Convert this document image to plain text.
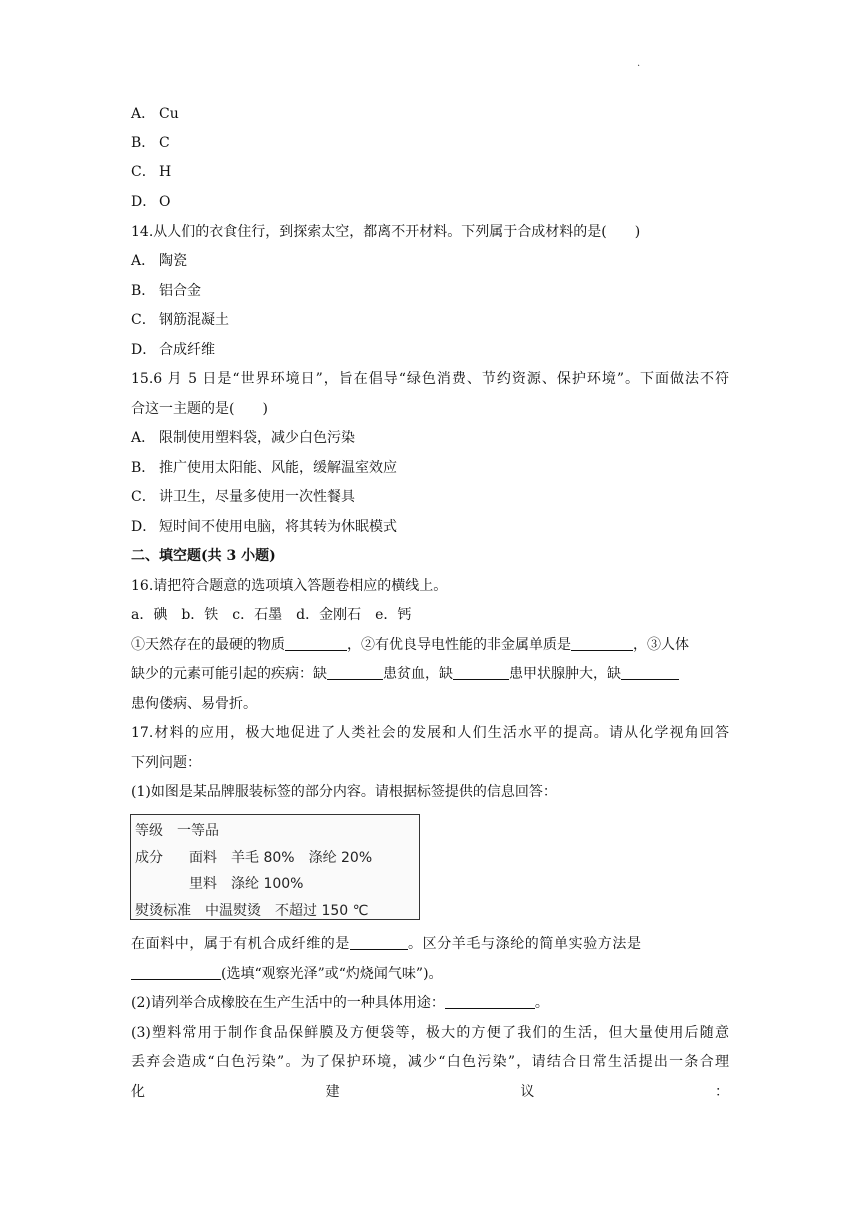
.
A． Cu
B． C
C． H
D． O
14.从人们的衣食住行，到探索太空，都离不开材料。下列属于合成材料的是(　　)
A． 陶瓷
B． 铝合金
C． 钢筋混凝土
D． 合成纤维
15.6 月 5 日是“世界环境日”，旨在倡导“绿色消费、节约资源、保护环境”。下面做法不符
合这一主题的是(　　)
A． 限制使用塑料袋，减少白色污染
B． 推广使用太阳能、风能，缓解温室效应
C． 讲卫生，尽量多使用一次性餐具
D． 短时间不使用电脑，将其转为休眠模式
二、填空题(共 3 小题)
16.请把符合题意的选项填入答题卷相应的横线上。
a．碘　b．铁　c．石墨　d．金刚石　e．钙
①天然存在的最硬的物质	，②有优良导电性能的非金属单质是	，③人体
缺少的元素可能引起的疾病：缺	患贫血，缺	患甲状腺肿大，缺
患佝偻病、易骨折。
17.材料的应用，极大地促进了人类社会的发展和人们生活水平的提高。请从化学视角回答
下列问题：
(1)如图是某品牌服装标签的部分内容。请根据标签提供的信息回答：
等级　一等品
成分 面料　羊毛 80%　涤纶 20%
里料　涤纶 100%
熨烫标准　中温熨烫　不超过 150 ℃
在面料中，属于有机合成纤维的是	。区分羊毛与涤纶的简单实验方法是
(选填“观察光泽”或“灼烧闻气味”)。
(2)请列举合成橡胶在生产生活中的一种具体用途：	。
(3)塑料常用于制作食品保鲜膜及方便袋等，极大的方便了我们的生活，但大量使用后随意
丢弃会造成“白色污染”。为了保护环境，减少“白色污染”，请结合日常生活提出一条合理
化	建	议	：
